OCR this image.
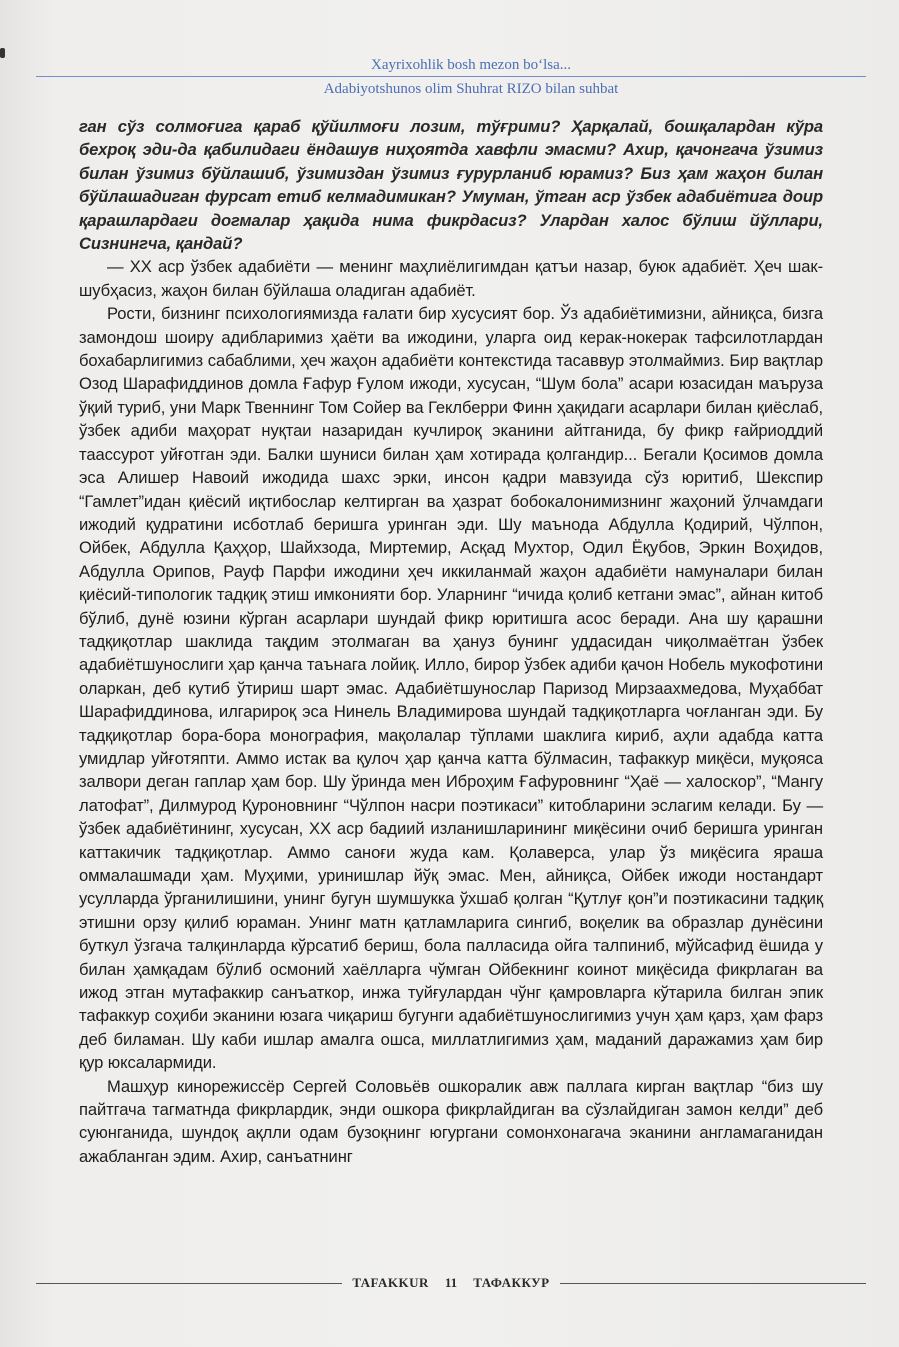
Xayrixohlik bosh mezon bo‘lsa...
Adabiyotshunos olim Shuhrat RIZO bilan suhbat

ган сўз солмоғига қараб қўйилмоғи лозим, тўғрими? Ҳарқалай, бошқалардан кўра бехроқ эди-да қабилидаги ёндашув ниҳоятда хавфли эмасми? Ахир, қачонгача ўзимиз билан ўзимиз бўйлашиб, ўзимиздан ўзимиз ғурурланиб юрамиз? Биз ҳам жаҳон билан бўйлашадиган фурсат етиб келмадимикан? Умуман, ўтган аср ўзбек адабиётига доир қарашлардаги догмалар ҳақида нима фикрдасиз? Улардан халос бўлиш йўллари, Сизнингча, қандай?

— XX аср ўзбек адабиёти — менинг маҳлиёлигимдан қатъи назар, буюк адабиёт. Ҳеч шак-шубҳасиз, жаҳон билан бўйлаша оладиган адабиёт.

Рости, бизнинг психологиямизда ғалати бир хусусият бор. Ўз адабиётимизни, айниқса, бизга замондош шоиру адибларимиз ҳаёти ва ижодини, уларга оид керак-нокерак тафсилотлардан бохабарлигимиз сабаблими, ҳеч жаҳон адабиёти контекстида тасаввур этолмаймиз. Бир вақтлар Озод Шарафиддинов домла Ғафур Ғулом ижоди, хусусан, “Шум бола” асари юзасидан маъруза ўқий туриб, уни Марк Твеннинг Том Сойер ва Геклберри Финн ҳақидаги асарлари билан қиёслаб, ўзбек адиби маҳорат нуқтаи назаридан кучлироқ эканини айтганида, бу фикр ғайриоддий таассурот уйғотган эди. Балки шуниси билан ҳам хотирада қолгандир... Бегали Қосимов домла эса Алишер Навоий ижодида шахс эрки, инсон қадри мавзуида сўз юритиб, Шекспир “Гамлет”идан қиёсий иқтибослар келтирган ва ҳазрат бобокалонимизнинг жаҳоний ўлчамдаги ижодий қудратини исботлаб беришга уринган эди. Шу маънода Абдулла Қодирий, Чўлпон, Ойбек, Абдулла Қаҳҳор, Шайхзода, Миртемир, Асқад Мухтор, Одил Ёқубов, Эркин Воҳидов, Абдулла Орипов, Рауф Парфи ижодини ҳеч иккиланмай жаҳон адабиёти намуналари билан қиёсий-типологик тадқиқ этиш имконияти бор. Уларнинг “ичида қолиб кетгани эмас”, айнан китоб бўлиб, дунё юзини кўрган асарлари шундай фикр юритишга асос беради. Ана шу қарашни тадқиқотлар шаклида тақдим этолмаган ва ҳануз бунинг уддасидан чиқолмаётган ўзбек адабиётшунослиги ҳар қанча таънага лойиқ. Илло, бирор ўзбек адиби қачон Нобель мукофотини оларкан, деб кутиб ўтириш шарт эмас. Адабиётшунослар Паризод Мирзаахмедова, Муҳаббат Шарафиддинова, илгарироқ эса Нинель Владимирова шундай тадқиқотларга чоғланган эди. Бу тадқиқотлар бора-бора монография, мақолалар тўплами шаклига кириб, аҳли адабда катта умидлар уйғотяпти. Аммо истак ва қулоч ҳар қанча катта бўлмасин, тафаккур миқёси, муқояса залвори деган гаплар ҳам бор. Шу ўринда мен Иброҳим Ғафуровнинг “Ҳаё — халоскор”, “Мангу латофат”, Дилмурод Қуроновнинг “Чўлпон насри поэтикаси” китобларини эслагим келади. Бу — ўзбек адабиётининг, хусусан, XX аср бадиий изланишларининг миқёсини очиб беришга уринган каттакичик тадқиқотлар. Аммо саноғи жуда кам. Қолаверса, улар ўз миқёсига яраша оммалашмади ҳам. Муҳими, уринишлар йўқ эмас. Мен, айниқса, Ойбек ижоди ностандарт усулларда ўрганилишини, унинг бугун шумшукка ўхшаб қолган “Қутлуғ қон”и поэтикасини тадқиқ этишни орзу қилиб юраман. Унинг матн қатламларига сингиб, воқелик ва образлар дунёсини буткул ўзгача талқинларда кўрсатиб бериш, бола палласида ойга талпиниб, мўйсафид ёшида у билан ҳамқадам бўлиб осмоний хаёлларга чўмган Ойбекнинг коинот миқёсида фикрлаган ва ижод этган мутафаккир санъаткор, инжа туйғулардан чўнг қамровларга кўтарила билган эпик тафаккур соҳиби эканини юзага чиқариш бугунги адабиётшунослигимиз учун ҳам қарз, ҳам фарз деб биламан. Шу каби ишлар амалга ошса, миллатлигимиз ҳам, маданий даражамиз ҳам бир қур юксалармиди.

Машҳур кинорежиссёр Сергей Соловьёв ошкоралик авж паллага кирган вақтлар “биз шу пайтгача тагматнда фикрлардик, энди ошкора фикрлайдиган ва сўзлайдиган замон келди” деб суюнганида, шундоқ ақлли одам бузоқнинг югургани сомонхонагача эканини англамаганидан ажабланган эдим. Ахир, санъатнинг

TAFAKKUR	11	ТАФАККУР
